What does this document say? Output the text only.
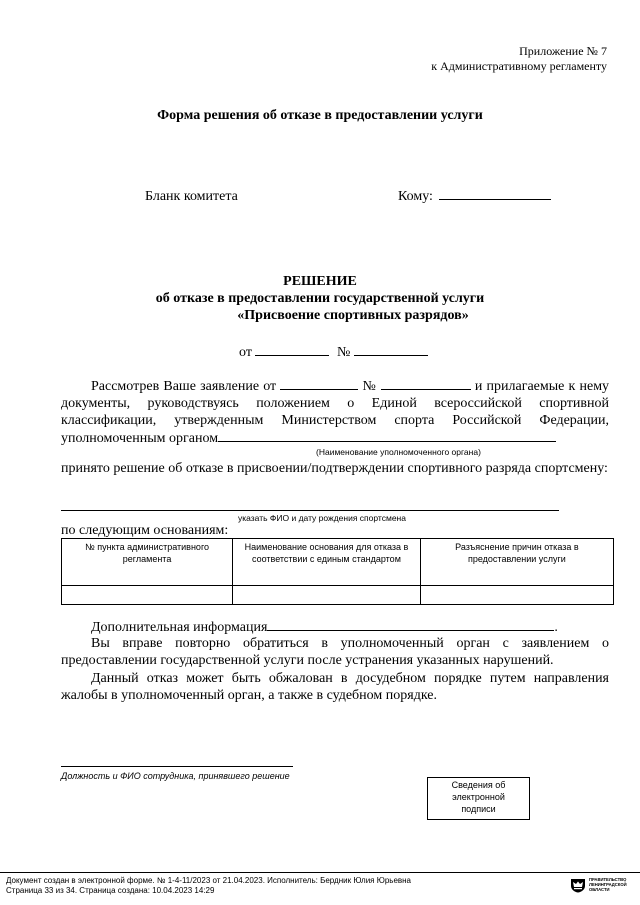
Приложение № 7
к Административному регламенту
Форма решения об отказе в предоставлении услуги
Бланк комитета	Кому:
РЕШЕНИЕ
об отказе в предоставлении государственной услуги
«Присвоение спортивных разрядов»
от	№
Рассмотрев Ваше заявление от	№	и прилагаемые к нему документы, руководствуясь положением о Единой всероссийской спортивной классификации, утвержденным Министерством спорта Российской Федерации, уполномоченным органом
(Наименование уполномоченного органа)
принято решение об отказе в присвоении/подтверждении спортивного разряда спортсмену:
указать ФИО и дату рождения спортсмена
по следующим основаниям:
№ пункта административного регламента	Наименование основания для отказа в соответствии с единым стандартом	Разъяснение причин отказа в предоставлении услуги

Дополнительная информация	.
Вы вправе повторно обратиться в уполномоченный орган с заявлением о предоставлении государственной услуги после устранения указанных нарушений.
Данный отказ может быть обжалован в досудебном порядке путем направления жалобы в уполномоченный орган, а также в судебном порядке.
Должность и ФИО сотрудника, принявшего решение
Сведения об
электронной
подписи
Документ создан в электронной форме. № 1-4-11/2023 от 21.04.2023. Исполнитель: Бердник Юлия Юрьевна
Страница 33 из 34. Страница создана: 10.04.2023 14:29
ПРАВИТЕЛЬСТВО
ЛЕНИНГРАДСКОЙ
ОБЛАСТИ
